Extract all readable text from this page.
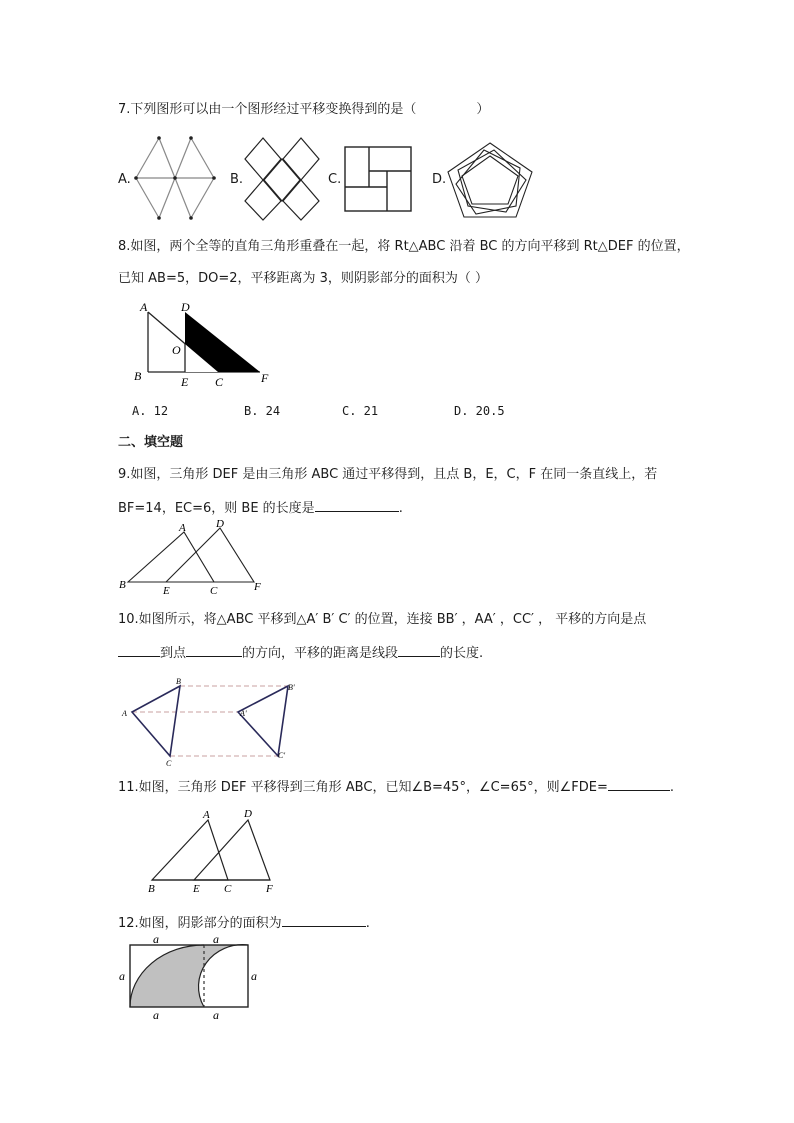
7.下列图形可以由一个图形经过平移变换得到的是（	）
A.	B.	C.	D.
8.如图，两个全等的直角三角形重叠在一起，将 Rt△ABC 沿着 BC 的方向平移到 Rt△DEF 的位置，
已知 AB=5，DO=2，平移距离为 3，则阴影部分的面积为（ ）
A	D
O
B	E C	F
A. 12	B. 24	C. 21	D. 20.5
二、填空题
9.如图，三角形 DEF 是由三角形 ABC 通过平移得到，且点 B，E，C，F 在同一条直线上，若
BF=14，EC=6，则 BE 的长度是	.
A	D
B	E	C	F
10.如图所示，将△ABC 平移到△A′ B′ C′ 的位置，连接 BB′ ，AA′ ，CC′ ， 平移的方向是点
到点	的方向，平移的距离是线段	的长度.
B
A
C
B'
A'
C'
11.如图，三角形 DEF 平移得到三角形 ABC，已知∠B=45°，∠C=65°，则∠FDE=	.
A	D
B	E C	F
12.如图，阴影部分的面积为	.
a	a
a	a
a	a
